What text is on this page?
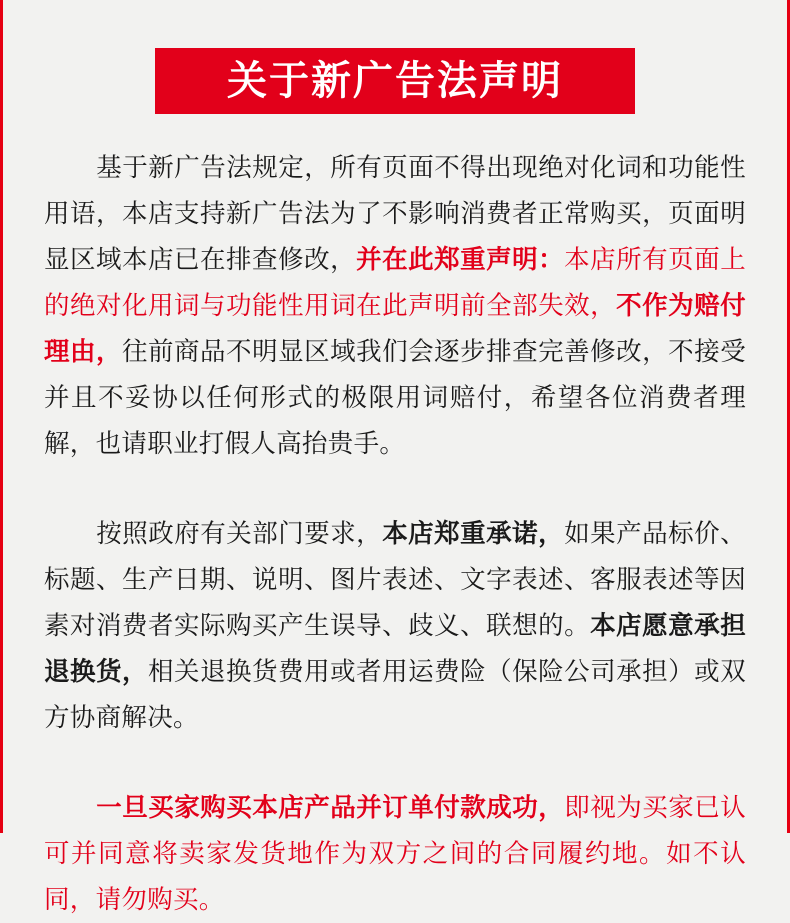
关于新广告法声明

基于新广告法规定，所有页面不得出现绝对化词和功能性用语，本店支持新广告法为了不影响消费者正常购买，页面明显区域本店已在排查修改，并在此郑重声明：本店所有页面上的绝对化用词与功能性用词在此声明前全部失效，不作为赔付理由，往前商品不明显区域我们会逐步排查完善修改，不接受并且不妥协以任何形式的极限用词赔付，希望各位消费者理解，也请职业打假人高抬贵手。

按照政府有关部门要求，本店郑重承诺，如果产品标价、标题、生产日期、说明、图片表述、文字表述、客服表述等因素对消费者实际购买产生误导、歧义、联想的。本店愿意承担退换货，相关退换货费用或者用运费险（保险公司承担）或双方协商解决。

一旦买家购买本店产品并订单付款成功，即视为买家已认可并同意将卖家发货地作为双方之间的合同履约地。如不认同，请勿购买。
